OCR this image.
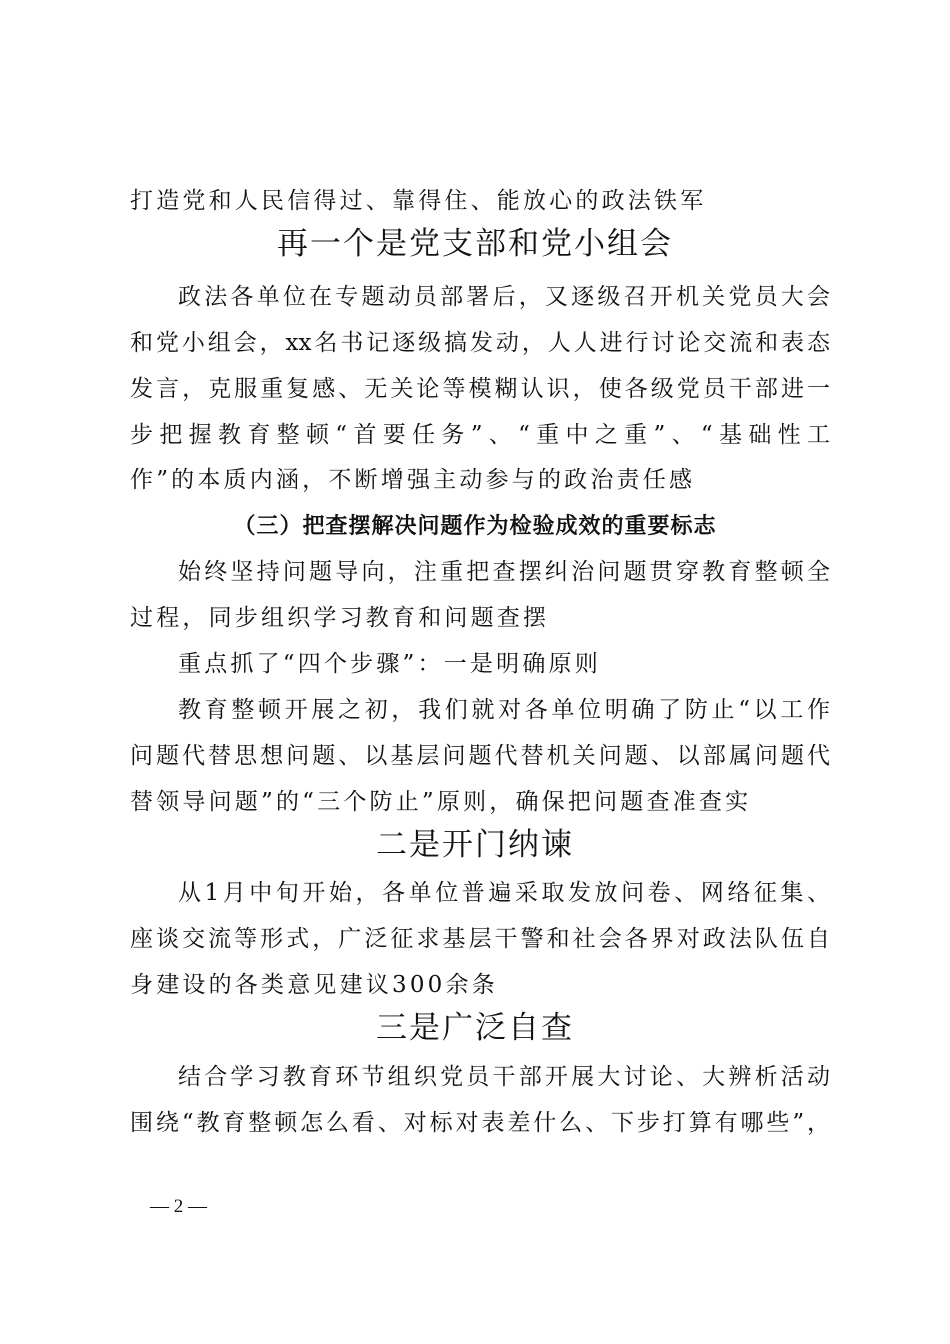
打造党和人民信得过、靠得住、能放心的政法铁军
再一个是党支部和党小组会
政法各单位在专题动员部署后，又逐级召开机关党员大会
和党小组会，xx名书记逐级搞发动，人人进行讨论交流和表态
发言，克服重复感、无关论等模糊认识，使各级党员干部进一
步把握教育整顿“首要任务”、“重中之重”、“基础性工
作”的本质内涵，不断增强主动参与的政治责任感
（三）把查摆解决问题作为检验成效的重要标志
始终坚持问题导向，注重把查摆纠治问题贯穿教育整顿全
过程，同步组织学习教育和问题查摆
重点抓了“四个步骤”：一是明确原则
教育整顿开展之初，我们就对各单位明确了防止“以工作
问题代替思想问题、以基层问题代替机关问题、以部属问题代
替领导问题”的“三个防止”原则，确保把问题查准查实
二是开门纳谏
从1月中旬开始，各单位普遍采取发放问卷、网络征集、
座谈交流等形式，广泛征求基层干警和社会各界对政法队伍自
身建设的各类意见建议300余条
三是广泛自查
结合学习教育环节组织党员干部开展大讨论、大辨析活动
围绕“教育整顿怎么看、对标对表差什么、下步打算有哪些”，
— 2 —
